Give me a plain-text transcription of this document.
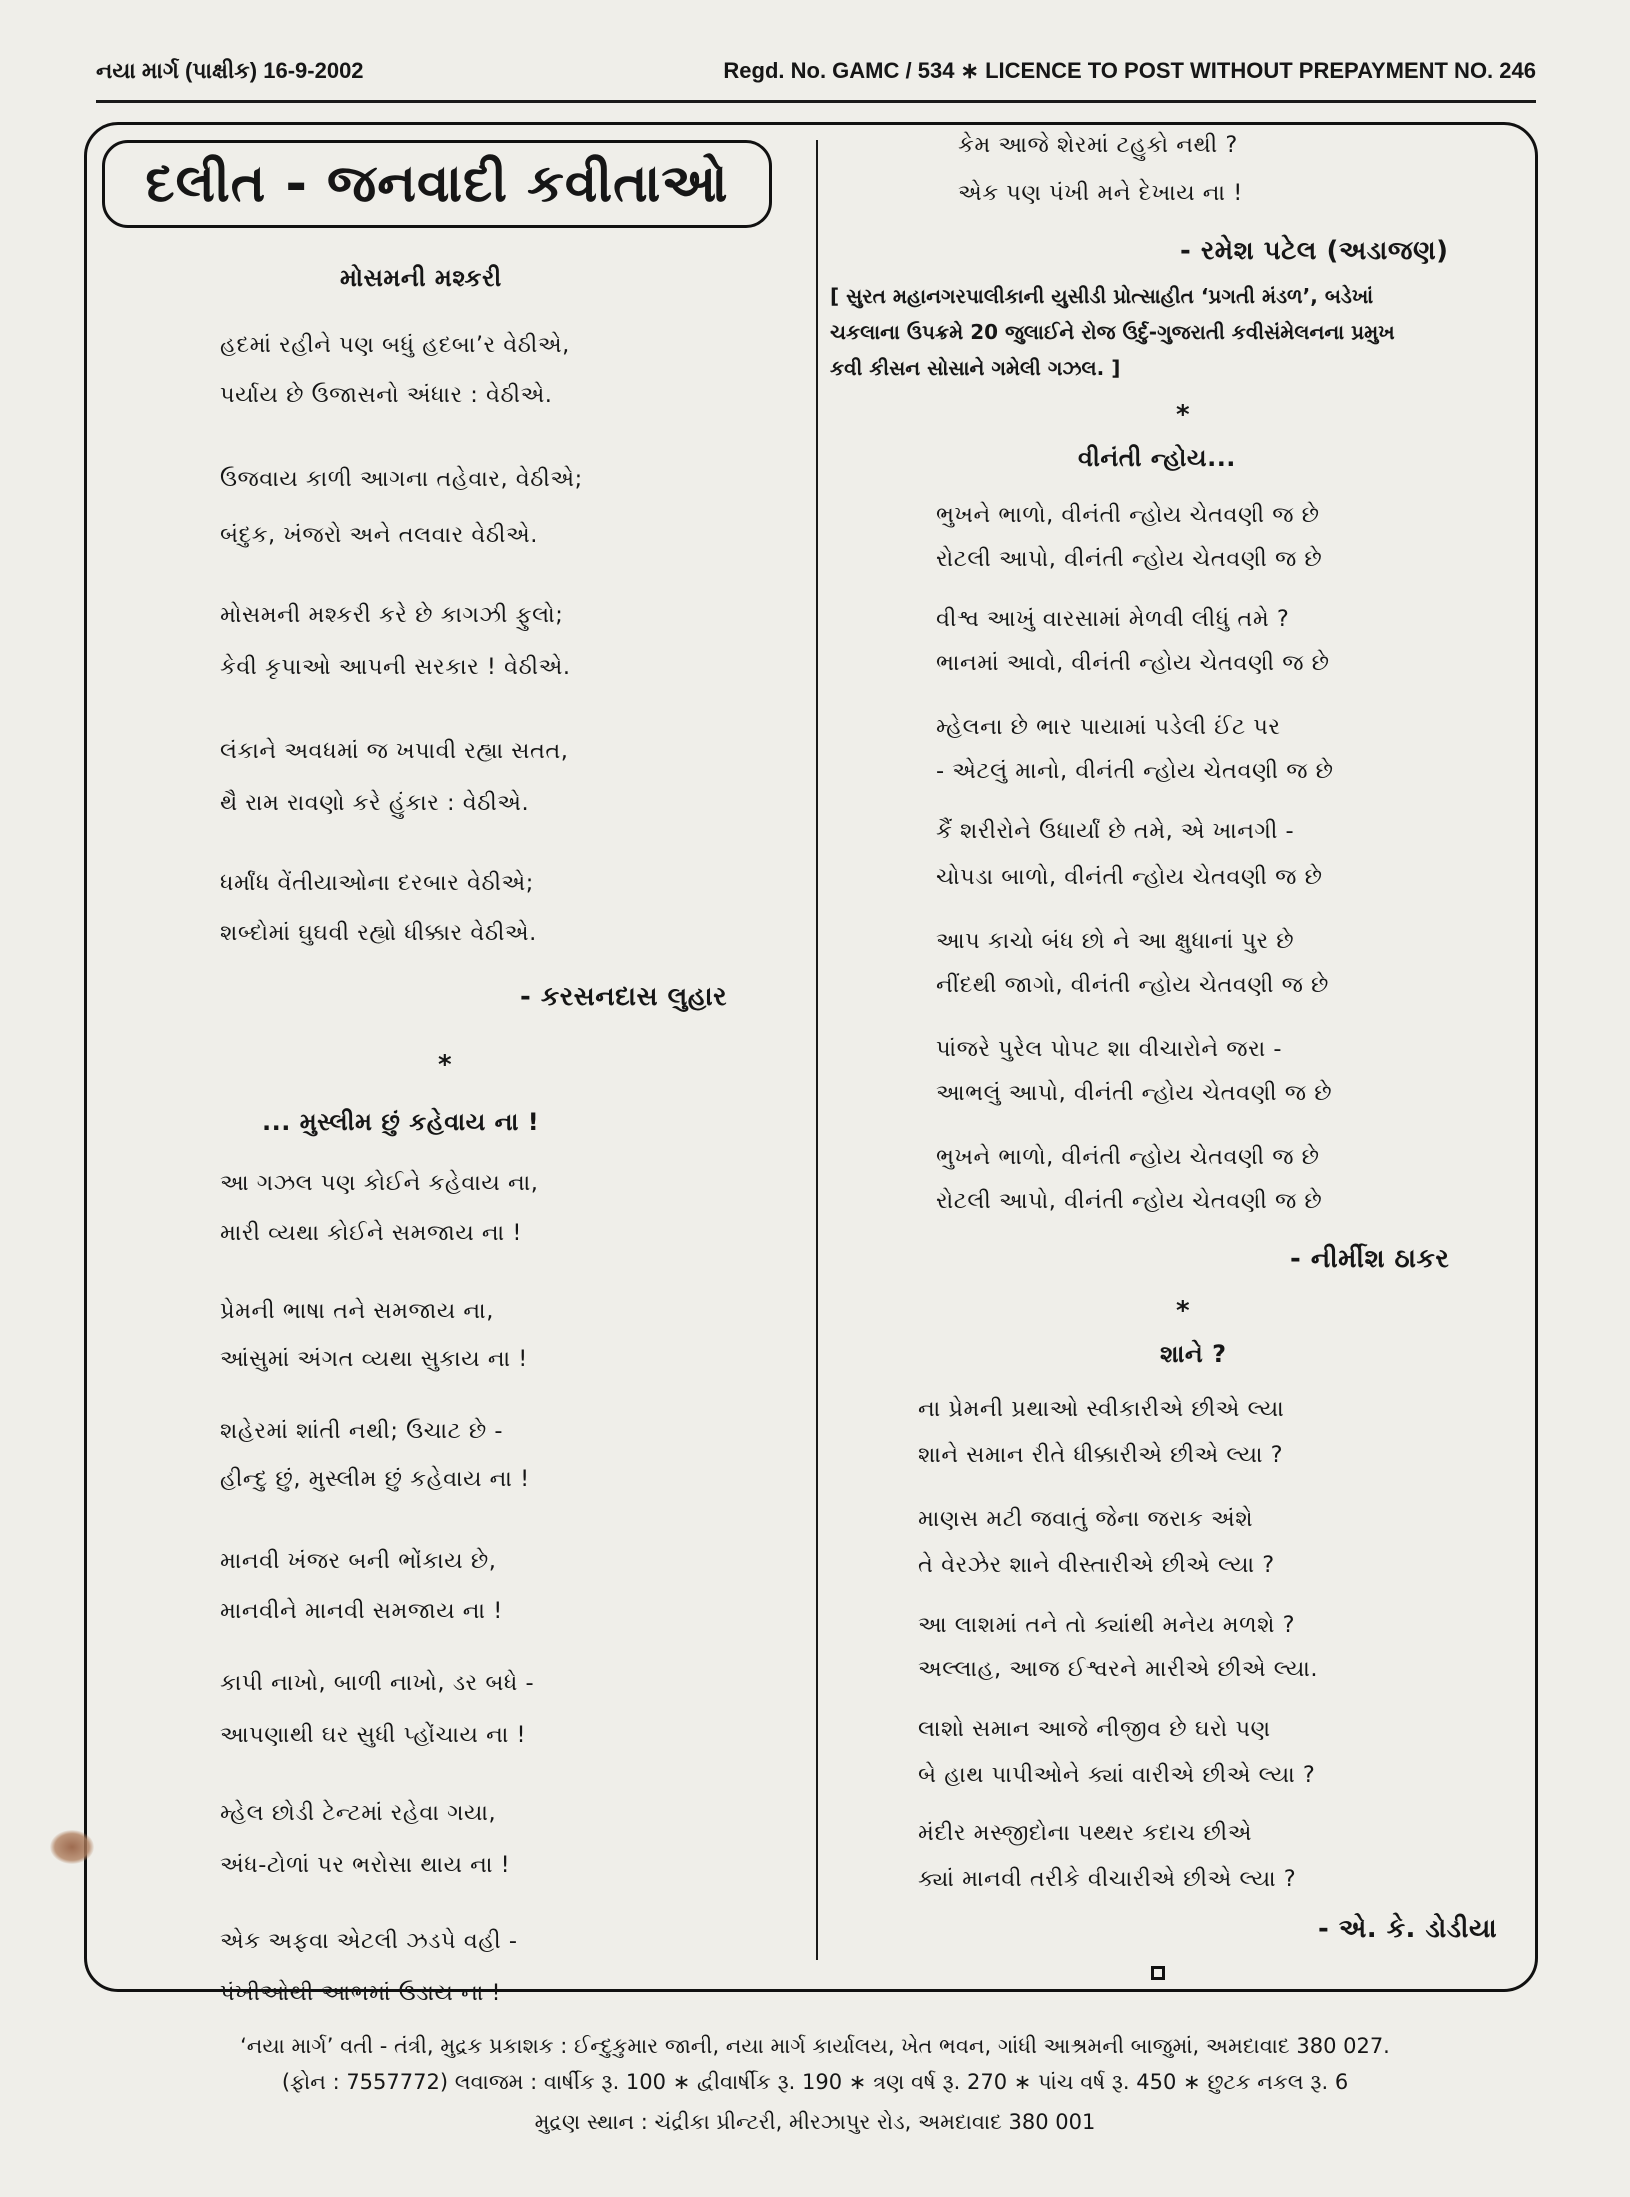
નયા માર્ગ (પાક્ષીક) 16-9-2002	Regd. No. GAMC / 534 ∗ LICENCE TO POST WITHOUT PREPAYMENT NO. 246
દલીત - જનવાદી કવીતાઓ
મોસમની મશ્કરી
હદમાં રહીને પણ બધું હદબા’ર વેઠીએ,
પર્યાય છે ઉજાસનો અંધાર : વેઠીએ.
ઉજવાય કાળી આગના તહેવાર, વેઠીએ;
બંદુક, ખંજરો અને તલવાર વેઠીએ.
મોસમની મશ્કરી કરે છે કાગઝી ફુલો;
કેવી કૃપાઓ આપની સરકાર ! વેઠીએ.
લંકાને અવધમાં જ ખપાવી રહ્યા સતત,
થૈ રામ રાવણો કરે હુંકાર : વેઠીએ.
ધર્માંધ વેંતીયાઓના દરબાર વેઠીએ;
શબ્દોમાં ઘુઘવી રહ્યો ધીક્કાર વેઠીએ.
- કરસનદાસ લુહાર
*
... મુસ્લીમ છું કહેવાય ના !
આ ગઝલ પણ કોઈને કહેવાય ના,
મારી વ્યથા કોઈને સમજાય ના !
પ્રેમની ભાષા તને સમજાય ના,
આંસુમાં અંગત વ્યથા સુકાય ના !
શહેરમાં શાંતી નથી; ઉચાટ છે -
હીન્દુ છું, મુસ્લીમ છું કહેવાય ના !
માનવી ખંજર બની ભોંકાય છે,
માનવીને માનવી સમજાય ના !
કાપી નાખો, બાળી નાખો, ડર બધે -
આપણાથી ઘર સુધી પ્હોંચાય ના !
મ્હેલ છોડી ટેન્ટમાં રહેવા ગયા,
અંધ-ટોળાં પર ભરોસા થાય ના !
એક અફવા એટલી ઝડપે વહી -
પંખીઓથી આભમાં ઉડાય ના !
કેમ આજે શેરમાં ટહુકો નથી ?
એક પણ પંખી મને દેખાય ના !
- રમેશ પટેલ (અડાજણ)
[ સુરત મહાનગરપાલીકાની યુસીડી પ્રોત્સાહીત ‘પ્રગતી મંડળ’, બડેખાં
ચકલાના ઉપક્રમે 20 જુલાઈને રોજ ઉર્દુ-ગુજરાતી કવીસંમેલનના પ્રમુખ
કવી કીસન સોસાને ગમેલી ગઝલ. ]
*
વીનંતી ન્હોય...
ભુખને ભાળો, વીનંતી ન્હોય ચેતવણી જ છે
રોટલી આપો, વીનંતી ન્હોય ચેતવણી જ છે
વીશ્વ આખું વારસામાં મેળવી લીધું તમે ?
ભાનમાં આવો, વીનંતી ન્હોય ચેતવણી જ છે
મ્હેલના છે ભાર પાયામાં પડેલી ઈંટ પર
- એટલું માનો, વીનંતી ન્હોય ચેતવણી જ છે
કૈં શરીરોને ઉધાર્યાં છે તમે, એ ખાનગી -
ચોપડા બાળો, વીનંતી ન્હોય ચેતવણી જ છે
આપ કાચો બંધ છો ને આ ક્ષુધાનાં પુર છે
નીંદથી જાગો, વીનંતી ન્હોય ચેતવણી જ છે
પાંજરે પુરેલ પોપટ શા વીચારોને જરા -
આભલું આપો, વીનંતી ન્હોય ચેતવણી જ છે
ભુખને ભાળો, વીનંતી ન્હોય ચેતવણી જ છે
રોટલી આપો, વીનંતી ન્હોય ચેતવણી જ છે
- નીર્મીશ ઠાકર
*
શાને ?
ના પ્રેમની પ્રથાઓ સ્વીકારીએ છીએ લ્યા
શાને સમાન રીતે ધીક્કારીએ છીએ લ્યા ?
માણસ મટી જવાતું જેના જરાક અંશે
તે વેરઝેર શાને વીસ્તારીએ છીએ લ્યા ?
આ લાશમાં તને તો ક્યાંથી મનેય મળશે ?
અલ્લાહ, આજ ઈશ્વરને મારીએ છીએ લ્યા.
લાશો સમાન આજે નીજીવ છે ઘરો પણ
બે હાથ પાપીઓને ક્યાં વારીએ છીએ લ્યા ?
મંદીર મસ્જીદોના પથ્થર કદાચ છીએ
ક્યાં માનવી તરીકે વીચારીએ છીએ લ્યા ?
- એ. કે. ડોડીયા
‘નયા માર્ગ’ વતી - તંત્રી, મુદ્રક પ્રકાશક : ઈન્દુકુમાર જાની, નયા માર્ગ કાર્યાલય, ખેત ભવન, ગાંધી આશ્રમની બાજુમાં, અમદાવાદ 380 027.
(ફોન : 7557772) લવાજમ : વાર્ષીક રૂ. 100 ∗ દ્વીવાર્ષીક રૂ. 190 ∗ ત્રણ વર્ષ રૂ. 270 ∗ પાંચ વર્ષ રૂ. 450 ∗ છુટક નકલ રૂ. 6
મુદ્રણ સ્થાન : ચંદ્રીકા પ્રીન્ટરી, મીરઝાપુર રોડ, અમદાવાદ 380 001
